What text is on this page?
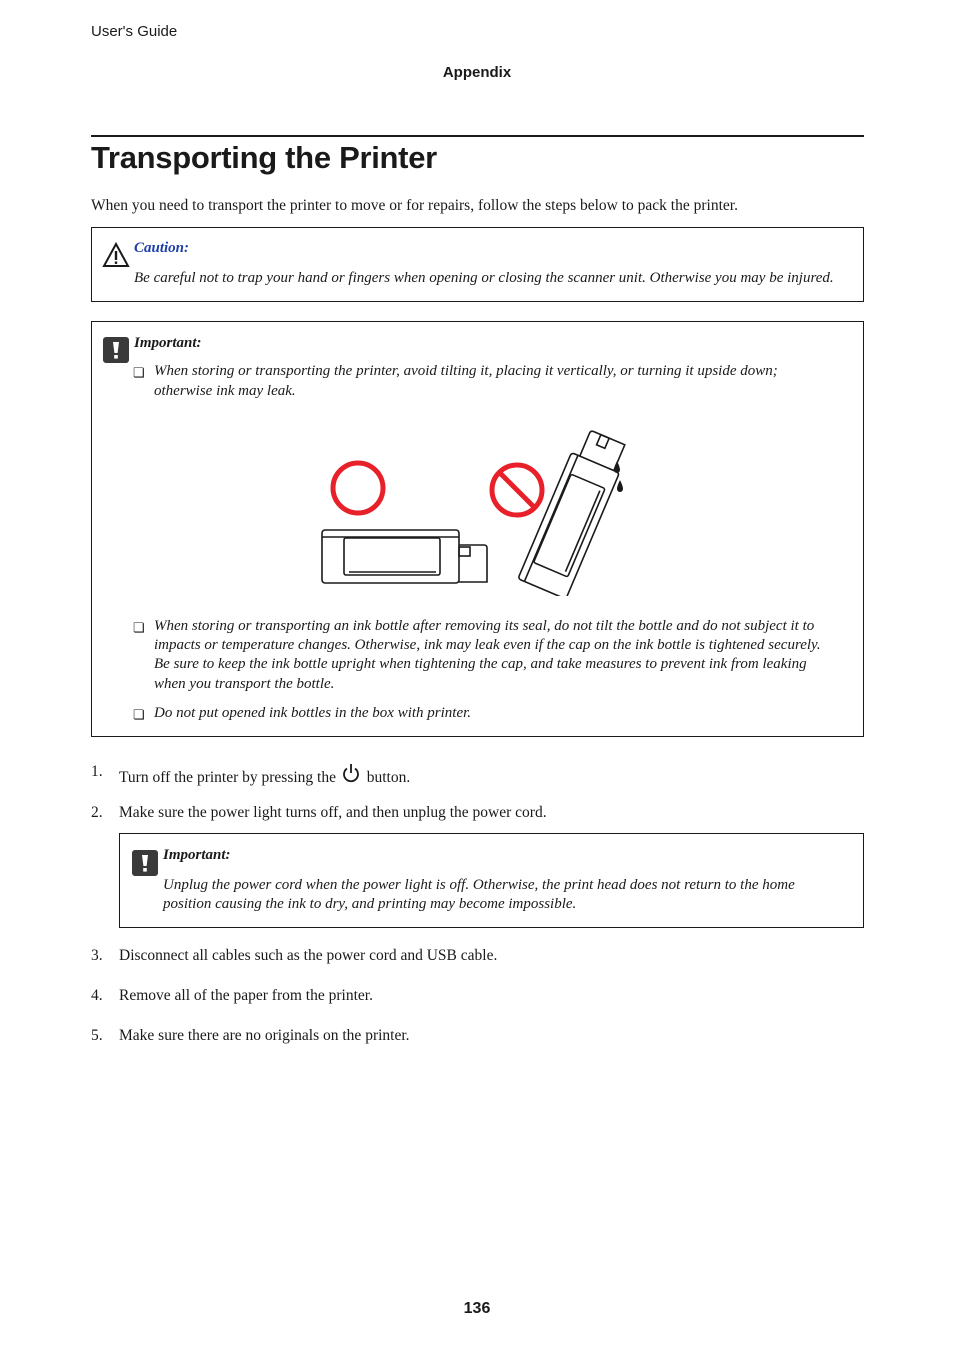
User's Guide
Appendix
Transporting the Printer
When you need to transport the printer to move or for repairs, follow the steps below to pack the printer.
Caution:
Be careful not to trap your hand or fingers when opening or closing the scanner unit. Otherwise you may be injured.
Important:
❏ When storing or transporting the printer, avoid tilting it, placing it vertically, or turning it upside down;
otherwise ink may leak.
❏ When storing or transporting an ink bottle after removing its seal, do not tilt the bottle and do not subject it to
impacts or temperature changes. Otherwise, ink may leak even if the cap on the ink bottle is tightened securely.
Be sure to keep the ink bottle upright when tightening the cap, and take measures to prevent ink from leaking
when you transport the bottle.
❏ Do not put opened ink bottles in the box with printer.
1. Turn off the printer by pressing the button.
2. Make sure the power light turns off, and then unplug the power cord.
Important:
Unplug the power cord when the power light is off. Otherwise, the print head does not return to the home
position causing the ink to dry, and printing may become impossible.
3. Disconnect all cables such as the power cord and USB cable.
4. Remove all of the paper from the printer.
5. Make sure there are no originals on the printer.
136
